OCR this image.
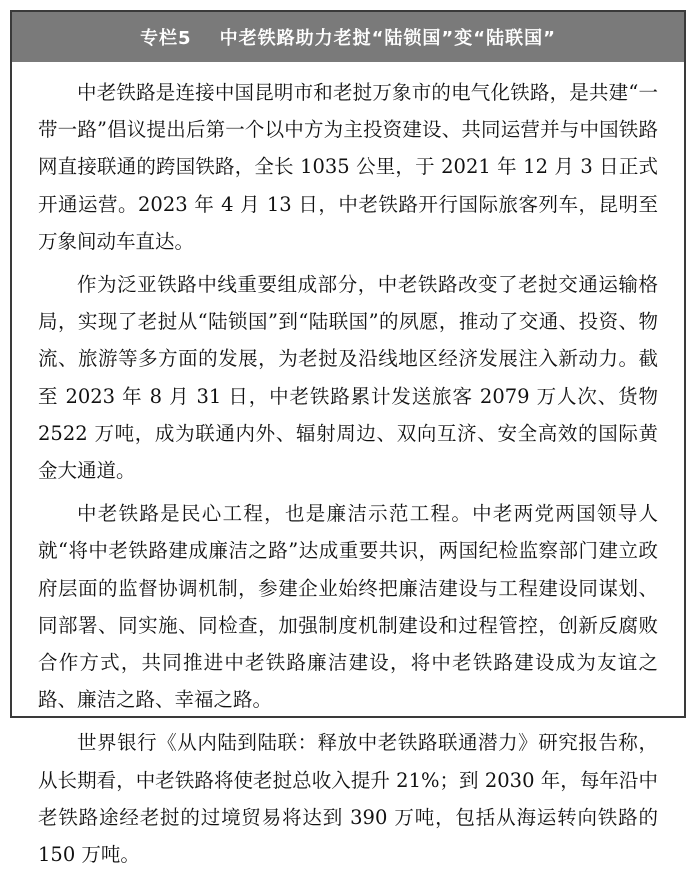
专栏5 中老铁路助力老挝“陆锁国”变“陆联国”

中老铁路是连接中国昆明市和老挝万象市的电气化铁路，是共建“一带一路”倡议提出后第一个以中方为主投资建设、共同运营并与中国铁路网直接联通的跨国铁路，全长 1035 公里，于 2021 年 12 月 3 日正式开通运营。2023 年 4 月 13 日，中老铁路开行国际旅客列车，昆明至万象间动车直达。

作为泛亚铁路中线重要组成部分，中老铁路改变了老挝交通运输格局，实现了老挝从“陆锁国”到“陆联国”的夙愿，推动了交通、投资、物流、旅游等多方面的发展，为老挝及沿线地区经济发展注入新动力。截至 2023 年 8 月 31 日，中老铁路累计发送旅客 2079 万人次、货物 2522 万吨，成为联通内外、辐射周边、双向互济、安全高效的国际黄金大通道。

中老铁路是民心工程，也是廉洁示范工程。中老两党两国领导人就“将中老铁路建成廉洁之路”达成重要共识，两国纪检监察部门建立政府层面的监督协调机制，参建企业始终把廉洁建设与工程建设同谋划、同部署、同实施、同检查，加强制度机制建设和过程管控，创新反腐败合作方式，共同推进中老铁路廉洁建设，将中老铁路建设成为友谊之路、廉洁之路、幸福之路。

世界银行《从内陆到陆联：释放中老铁路联通潜力》研究报告称，从长期看，中老铁路将使老挝总收入提升 21%；到 2030 年，每年沿中老铁路途经老挝的过境贸易将达到 390 万吨，包括从海运转向铁路的 150 万吨。
